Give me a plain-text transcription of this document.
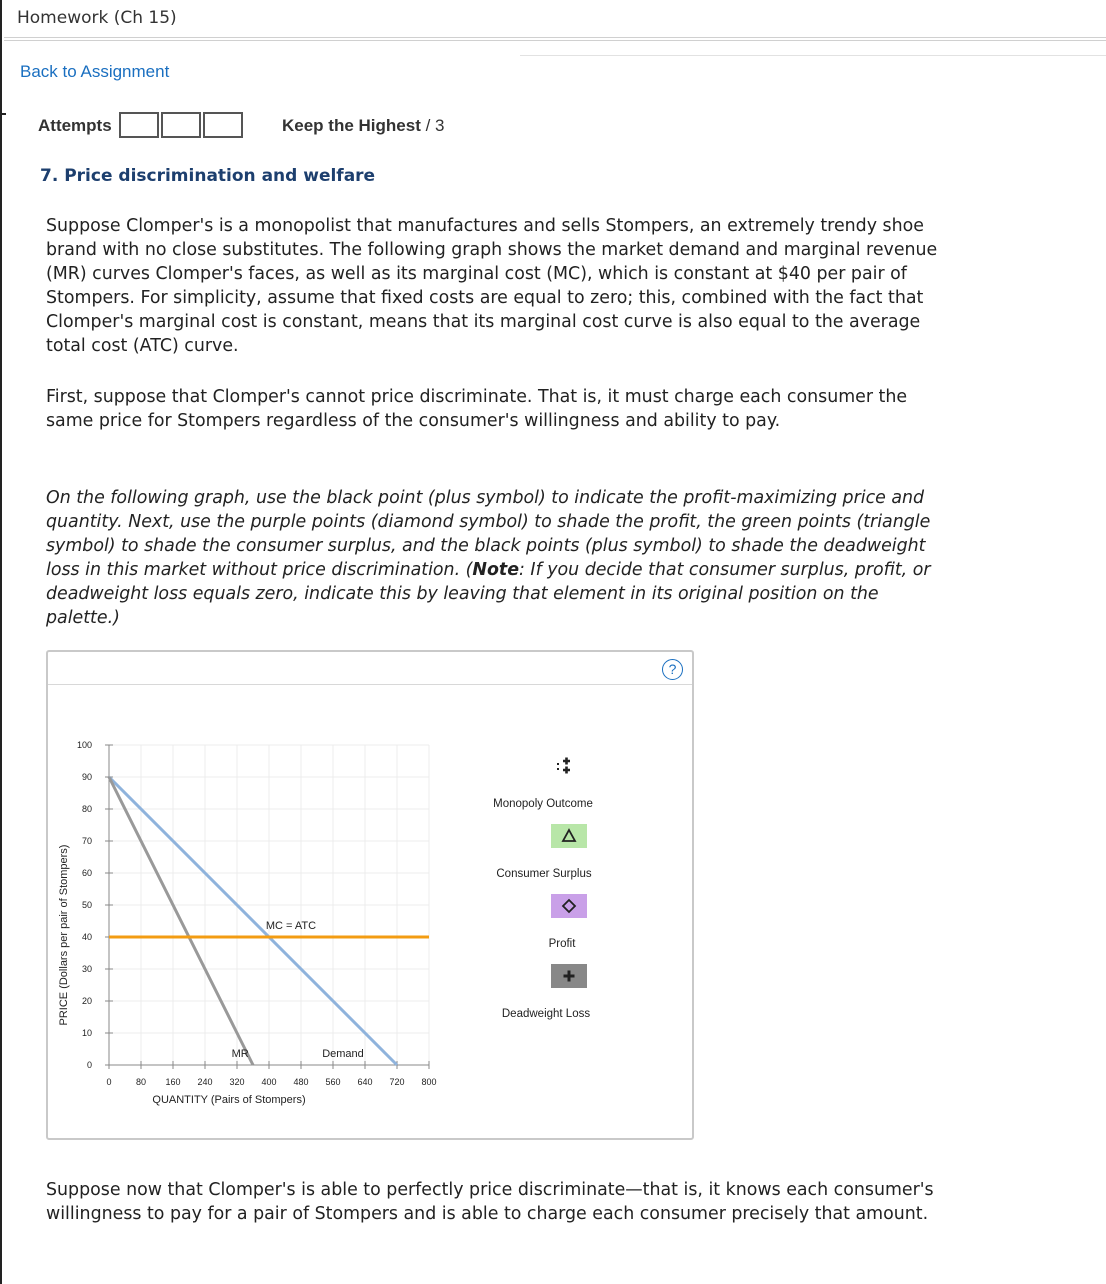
Homework (Ch 15)
Back to Assignment
Attempts	Keep the Highest / 3
7. Price discrimination and welfare

Suppose Clomper's is a monopolist that manufactures and sells Stompers, an extremely trendy shoe brand with no close substitutes. The following graph shows the market demand and marginal revenue (MR) curves Clomper's faces, as well as its marginal cost (MC), which is constant at $40 per pair of Stompers. For simplicity, assume that fixed costs are equal to zero; this, combined with the fact that Clomper's marginal cost is constant, means that its marginal cost curve is also equal to the average total cost (ATC) curve.

First, suppose that Clomper's cannot price discriminate. That is, it must charge each consumer the same price for Stompers regardless of the consumer's willingness and ability to pay.

On the following graph, use the black point (plus symbol) to indicate the profit-maximizing price and quantity. Next, use the purple points (diamond symbol) to shade the profit, the green points (triangle symbol) to shade the consumer surplus, and the black points (plus symbol) to shade the deadweight loss in this market without price discrimination. (Note: If you decide that consumer surplus, profit, or deadweight loss equals zero, indicate this by leaving that element in its original position on the palette.)

?
0	80 160 240 320 400 480 560 640 720 800
0
10
20
30
40
50
60
70
80
90
100
QUANTITY (Pairs of Stompers)
PRICE (Dollars per pair of Stompers)	MC = ATC
MR	Demand
Monopoly Outcome
Consumer Surplus
Profit
Deadweight Loss

Suppose now that Clomper's is able to perfectly price discriminate—that is, it knows each consumer's willingness to pay for a pair of Stompers and is able to charge each consumer precisely that amount.
